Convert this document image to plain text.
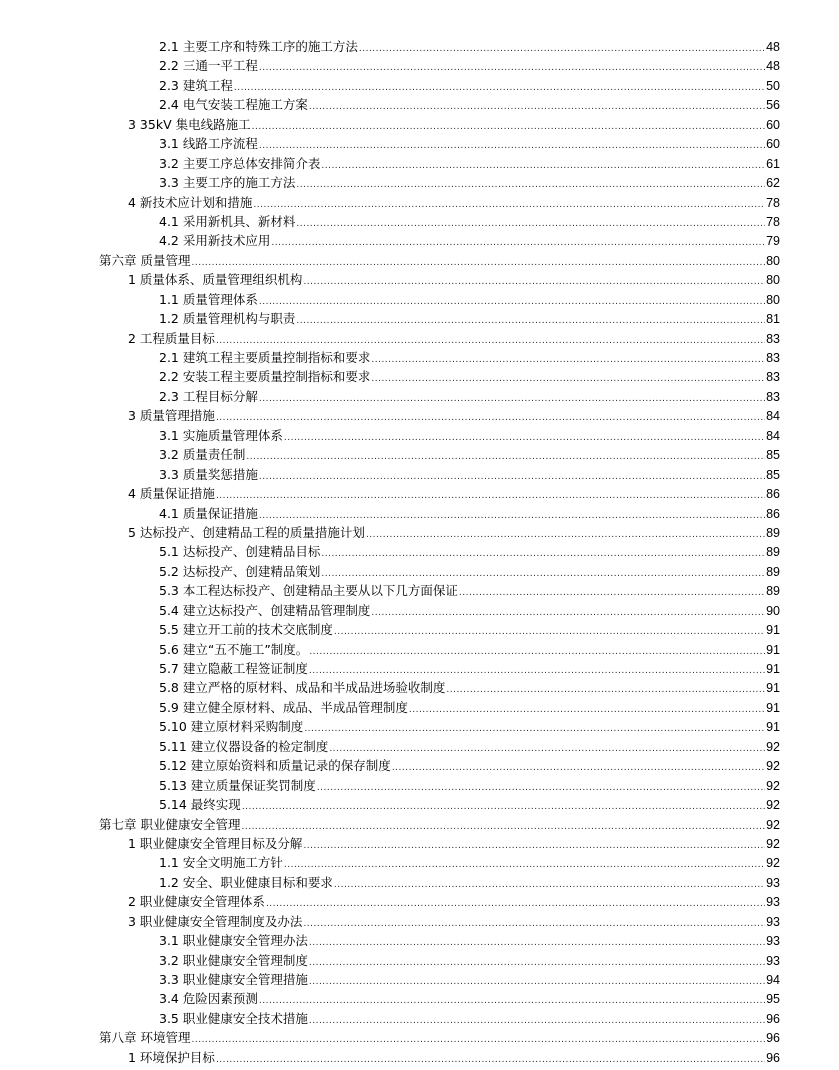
2.1 主要工序和特殊工序的施工方法 .....	48
2.2 三通一平工程 .....	48
2.3 建筑工程 .....	50
2.4 电气安装工程施工方案 .....	56
3 35kV 集电线路施工 .....	60
3.1 线路工序流程 .....	60
3.2 主要工序总体安排简介表 .....	61
3.3 主要工序的施工方法 .....	62
4 新技术应计划和措施 .....	78
4.1 采用新机具、新材料 .....	78
4.2 采用新技术应用 .....	79
第六章 质量管理 .....	80
1 质量体系、质量管理组织机构 .....	80
1.1 质量管理体系 .....	80
1.2 质量管理机构与职责 .....	81
2 工程质量目标 .....	83
2.1 建筑工程主要质量控制指标和要求 .....	83
2.2 安装工程主要质量控制指标和要求 .....	83
2.3 工程目标分解 .....	83
3 质量管理措施 .....	84
3.1 实施质量管理体系 .....	84
3.2 质量责任制 .....	85
3.3 质量奖惩措施 .....	85
4 质量保证措施 .....	86
4.1 质量保证措施 .....	86
5 达标投产、创建精品工程的质量措施计划 .....	89
5.1 达标投产、创建精品目标 .....	89
5.2 达标投产、创建精品策划 .....	89
5.3 本工程达标投产、创建精品主要从以下几方面保证 .....	89
5.4 建立达标投产、创建精品管理制度 .....	90
5.5 建立开工前的技术交底制度 .....	91
5.6 建立“五不施工”制度。 .....	91
5.7 建立隐蔽工程签证制度 .....	91
5.8 建立严格的原材料、成品和半成品进场验收制度 .....	91
5.9 建立健全原材料、成品、半成品管理制度 .....	91
5.10 建立原材料采购制度 .....	91
5.11 建立仪器设备的检定制度 .....	92
5.12 建立原始资料和质量记录的保存制度 .....	92
5.13 建立质量保证奖罚制度 .....	92
5.14 最终实现 .....	92
第七章 职业健康安全管理 .....	92
1 职业健康安全管理目标及分解 .....	92
1.1 安全文明施工方针 .....	92
1.2 安全、职业健康目标和要求 .....	93
2 职业健康安全管理体系 .....	93
3 职业健康安全管理制度及办法 .....	93
3.1 职业健康安全管理办法 .....	93
3.2 职业健康安全管理制度 .....	93
3.3 职业健康安全管理措施 .....	94
3.4 危险因素预测 .....	95
3.5 职业健康安全技术措施 .....	96
第八章 环境管理 .....	96
1 环境保护目标 .....	96
